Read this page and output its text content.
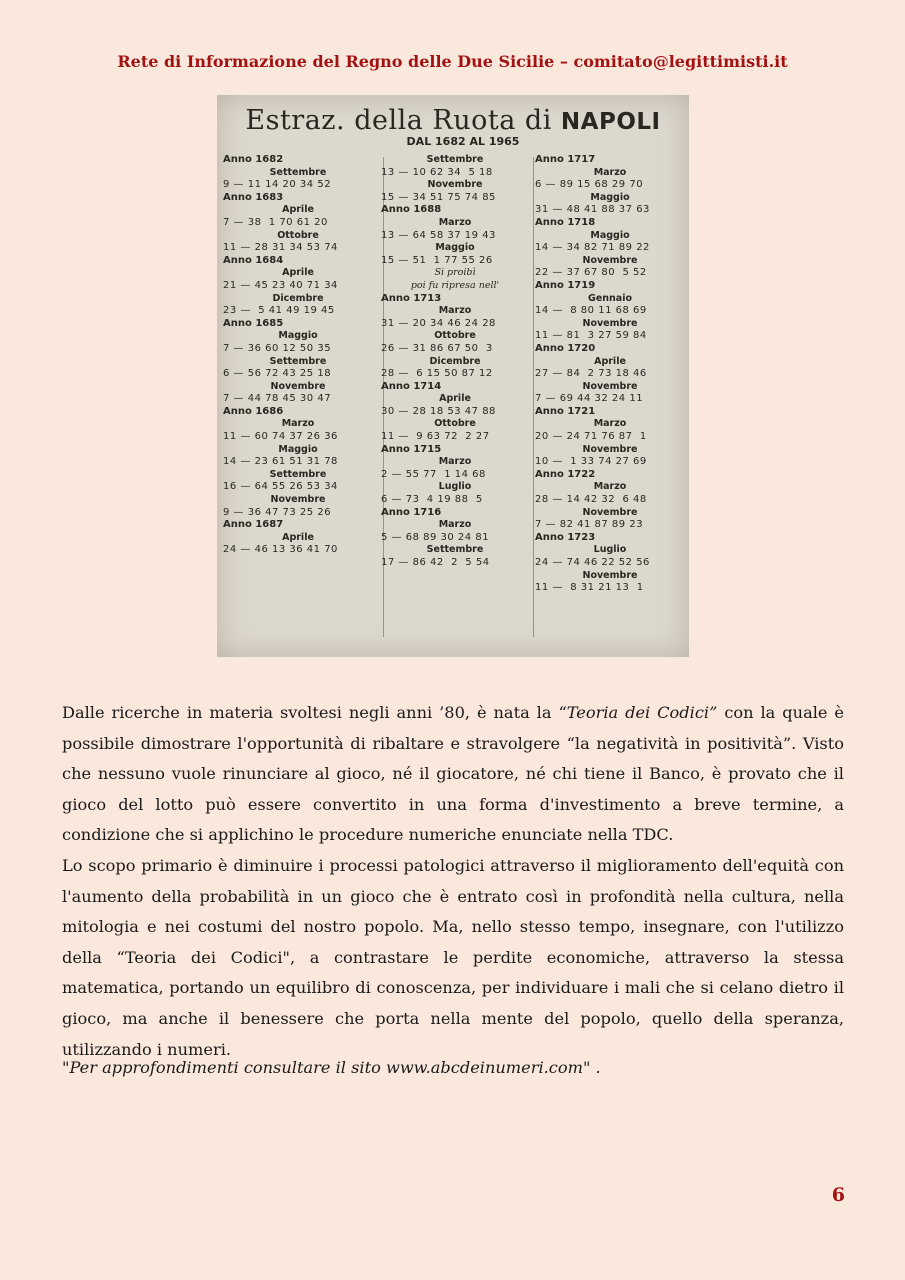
Rete di Informazione del Regno delle Due Sicilie – comitato@legittimisti.it
Estraz. della Ruota di NAPOLI
DAL 1682 AL 1965
Anno 1682
Settembre
9 — 11 14 20 34 52
Anno 1683
Aprile
7 — 38  1 70 61 20
Ottobre
11 — 28 31 34 53 74
Anno 1684
Aprile
21 — 45 23 40 71 34
Dicembre
23 —  5 41 49 19 45
Anno 1685
Maggio
7 — 36 60 12 50 35
Settembre
6 — 56 72 43 25 18
Novembre
7 — 44 78 45 30 47
Anno 1686
Marzo
11 — 60 74 37 26 36
Maggio
14 — 23 61 51 31 78
Settembre
16 — 64 55 26 53 34
Novembre
9 — 36 47 73 25 26
Anno 1687
Aprile
24 — 46 13 36 41 70
Settembre
13 — 10 62 34  5 18
Novembre
15 — 34 51 75 74 85
Anno 1688
Marzo
13 — 64 58 37 19 43
Maggio
15 — 51  1 77 55 26
Si proibì
poi fu ripresa nell'
Anno 1713
Marzo
31 — 20 34 46 24 28
Ottobre
26 — 31 86 67 50  3
Dicembre
28 —  6 15 50 87 12
Anno 1714
Aprile
30 — 28 18 53 47 88
Ottobre
11 —  9 63 72  2 27
Anno 1715
Marzo
2 — 55 77  1 14 68
Luglio
6 — 73  4 19 88  5
Anno 1716
Marzo
5 — 68 89 30 24 81
Settembre
17 — 86 42  2  5 54
Anno 1717
Marzo
6 — 89 15 68 29 70
Maggio
31 — 48 41 88 37 63
Anno 1718
Maggio
14 — 34 82 71 89 22
Novembre
22 — 37 67 80  5 52
Anno 1719
Gennaio
14 —  8 80 11 68 69
Novembre
11 — 81  3 27 59 84
Anno 1720
Aprile
27 — 84  2 73 18 46
Novembre
7 — 69 44 32 24 11
Anno 1721
Marzo
20 — 24 71 76 87  1
Novembre
10 —  1 33 74 27 69
Anno 1722
Marzo
28 — 14 42 32  6 48
Novembre
7 — 82 41 87 89 23
Anno 1723
Luglio
24 — 74 46 22 52 56
Novembre
11 —  8 31 21 13  1

Dalle ricerche in materia svoltesi negli anni ’80, è nata la “Teoria dei Codici” con la quale è possibile dimostrare l'opportunità di ribaltare e stravolgere “la negatività in positività”. Visto che nessuno vuole rinunciare al gioco, né il giocatore, né chi tiene il Banco, è provato che il gioco del lotto può essere convertito in una forma d'investimento a breve termine, a condizione che si applichino le procedure numeriche enunciate nella TDC.

Lo scopo primario è diminuire i processi patologici attraverso il miglioramento dell'equità con l'aumento della probabilità in un gioco che è entrato così in profondità nella cultura, nella mitologia e nei costumi del nostro popolo. Ma, nello stesso tempo, insegnare, con l'utilizzo della “Teoria dei Codici", a contrastare le perdite economiche, attraverso la stessa matematica, portando un equilibro di conoscenza, per individuare i mali che si celano dietro il gioco, ma anche il benessere che porta nella mente del popolo, quello della speranza, utilizzando i numeri.

"Per approfondimenti consultare il sito www.abcdeinumeri.com" .
6
